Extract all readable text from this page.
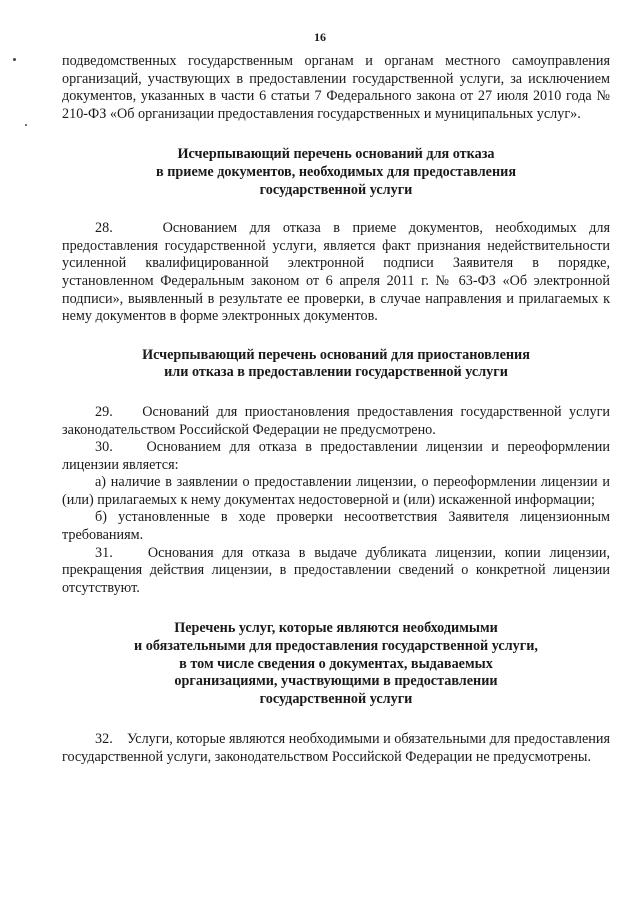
16

подведомственных государственным органам и органам местного самоуправления организаций, участвующих в предоставлении государственной услуги, за исключением документов, указанных в части 6 статьи 7 Федерального закона от 27 июля 2010 года № 210-ФЗ «Об организации предоставления государственных и муниципальных услуг».

Исчерпывающий перечень оснований для отказа
в приеме документов, необходимых для предоставления
государственной услуги

28.    Основанием для отказа в приеме документов, необходимых для предоставления государственной услуги, является факт признания недействительности усиленной квалифицированной электронной подписи Заявителя в порядке, установленном Федеральным законом от 6 апреля 2011 г. № 63-ФЗ «Об электронной подписи», выявленный в результате ее проверки, в случае направления и прилагаемых к нему документов в форме электронных документов.

Исчерпывающий перечень оснований для приостановления
или отказа в предоставлении государственной услуги

29.    Оснований для приостановления предоставления государственной услуги законодательством Российской Федерации не предусмотрено.

30.    Основанием для отказа в предоставлении лицензии и переоформлении лицензии является:

а) наличие в заявлении о предоставлении лицензии, о переоформлении лицензии и (или) прилагаемых к нему документах недостоверной и (или) искаженной информации;

б) установленные в ходе проверки несоответствия Заявителя лицензионным требованиям.

31.    Основания для отказа в выдаче дубликата лицензии, копии лицензии, прекращения действия лицензии, в предоставлении сведений о конкретной лицензии отсутствуют.

Перечень услуг, которые являются необходимыми
и обязательными для предоставления государственной услуги,
в том числе сведения о документах, выдаваемых
организациями, участвующими в предоставлении
государственной услуги

32.    Услуги, которые являются необходимыми и обязательными для предоставления государственной услуги, законодательством Российской Федерации не предусмотрены.
